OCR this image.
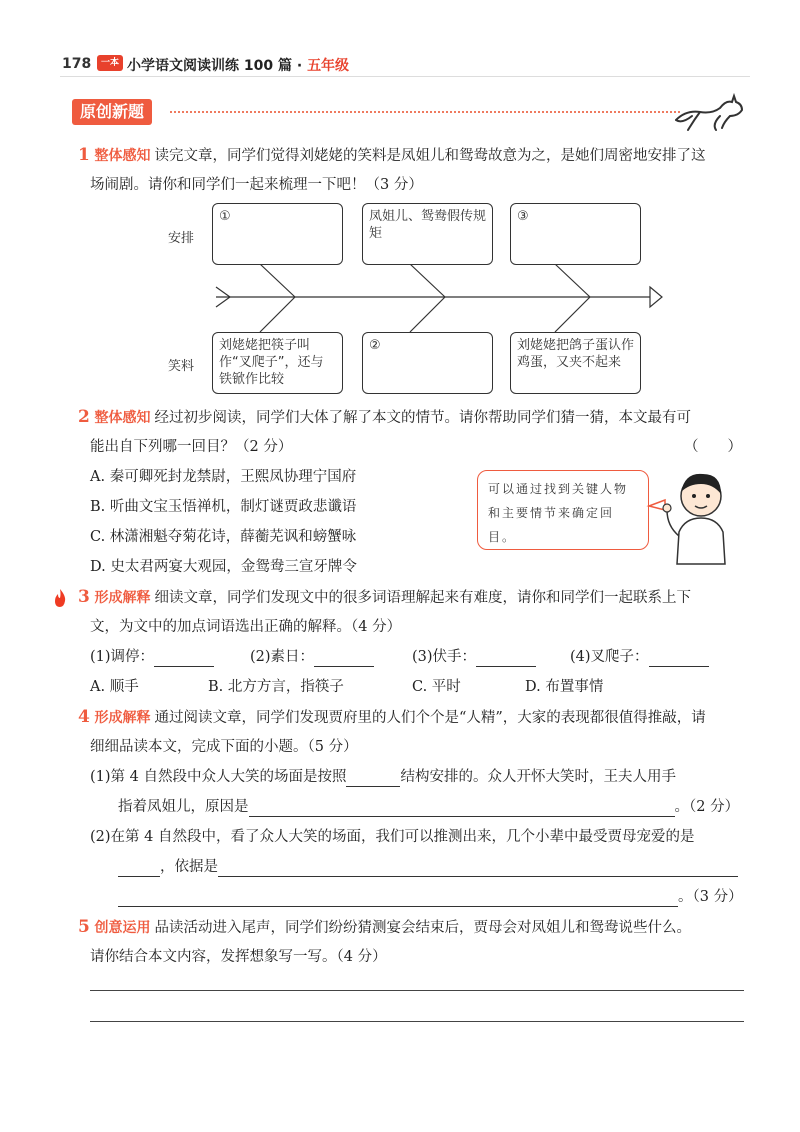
178	一本 小学语文阅读训练 100 篇 · 五年级
原创新题
1 整体感知 读完文章，同学们觉得刘姥姥的笑料是凤姐儿和鸳鸯故意为之，是她们周密地安排了这
场闹剧。请你和同学们一起来梳理一下吧！（3 分）
安排
笑料
①	凤姐儿、鸳鸯假传规矩
③
刘姥姥把筷子叫作“叉爬子”，还与铁锨作比较
②	刘姥姥把鸽子蛋认作鸡蛋，又夹不起来
2 整体感知 经过初步阅读，同学们大体了解了本文的情节。请你帮助同学们猜一猜，本文最有可
能出自下列哪一回目？（2 分）	（　　）
A. 秦可卿死封龙禁尉，王熙凤协理宁国府
B. 听曲文宝玉悟禅机，制灯谜贾政悲谶语
C. 林潇湘魁夺菊花诗，薛蘅芜讽和螃蟹咏
D. 史太君两宴大观园，金鸳鸯三宣牙牌令
可以通过找到关键人物和主要情节来确定回目。
3 形成解释 细读文章，同学们发现文中的很多词语理解起来有难度，请你和同学们一起联系上下
文，为文中的加点词语选出正确的解释。（4 分）
(1)调停：	(2)素日：	(3)伏手：	(4)叉爬子：
A. 顺手	B. 北方方言，指筷子	C. 平时	D. 布置事情
4 形成解释 通过阅读文章，同学们发现贾府里的人们个个是“人精”，大家的表现都很值得推敲，请
细细品读本文，完成下面的小题。（5 分）
(1)第 4 自然段中众人大笑的场面是按照	结构安排的。众人开怀大笑时，王夫人用手
指着凤姐儿，原因是	。（2 分）
(2)在第 4 自然段中，看了众人大笑的场面，我们可以推测出来，几个小辈中最受贾母宠爱的是
，依据是
。（3 分）
5 创意运用 品读活动进入尾声，同学们纷纷猜测宴会结束后，贾母会对凤姐儿和鸳鸯说些什么。
请你结合本文内容，发挥想象写一写。（4 分）
